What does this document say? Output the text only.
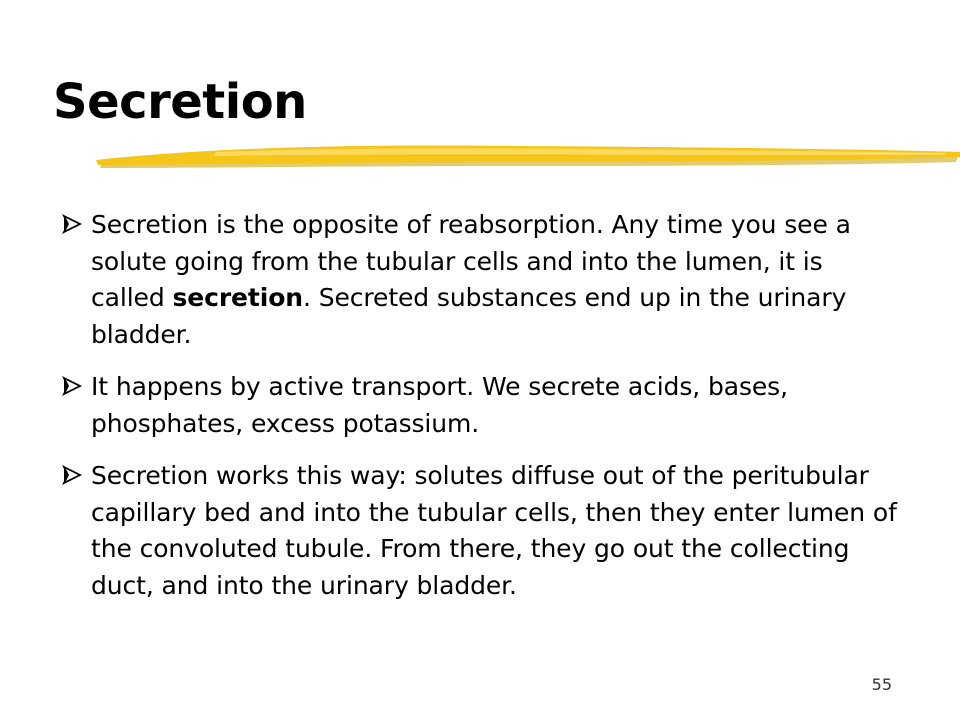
Secretion
Secretion is the opposite of reabsorption. Any time you see a solute going from the tubular cells and into the lumen, it is called secretion. Secreted substances end up in the urinary bladder.
It happens by active transport. We secrete acids, bases, phosphates, excess potassium.
Secretion works this way: solutes diffuse out of the peritubular capillary bed and into the tubular cells, then they enter lumen of the convoluted tubule. From there, they go out the collecting duct, and into the urinary bladder.
55
